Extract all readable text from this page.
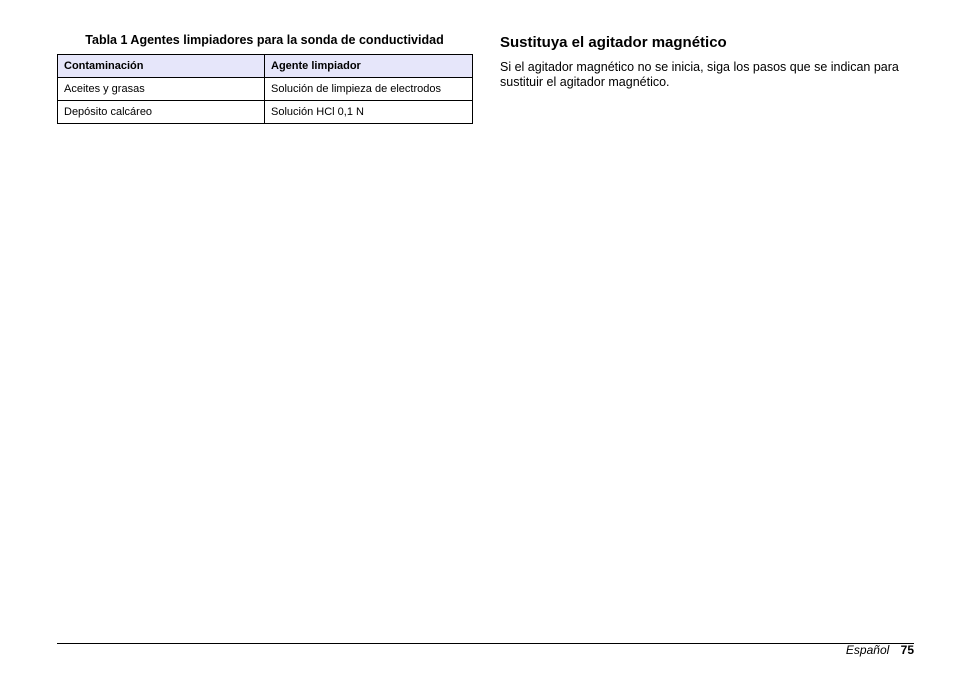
Tabla 1 Agentes limpiadores para la sonda de conductividad
Contaminación	Agente limpiador
Aceites y grasas	Solución de limpieza de electrodos
Depósito calcáreo	Solución HCl 0,1 N
Sustituya el agitador magnético

Si el agitador magnético no se inicia, siga los pasos que se indican para
sustituir el agitador magnético.

Español 75
